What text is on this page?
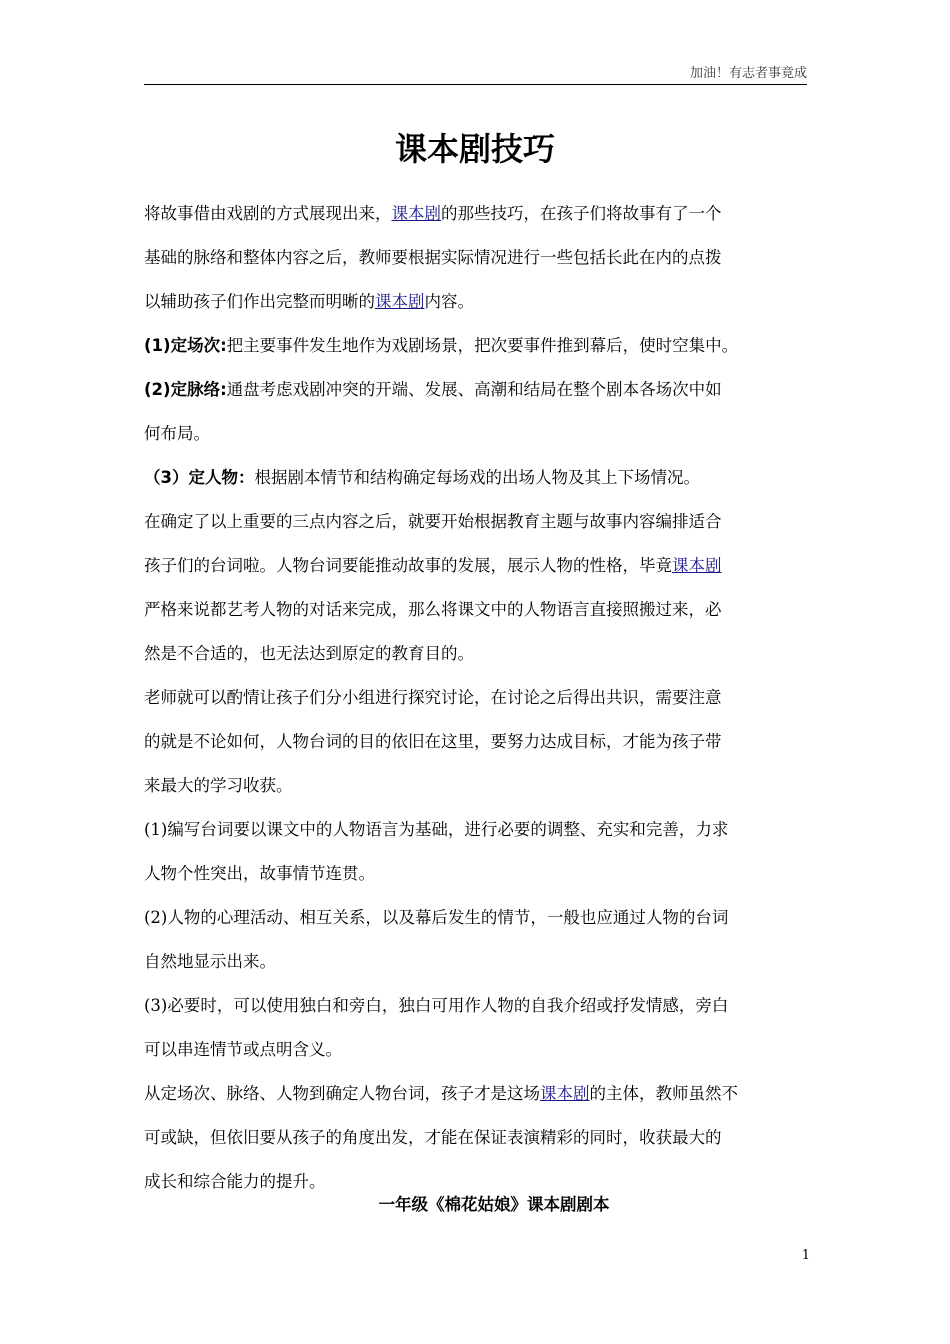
加油！有志者事竟成
课本剧技巧

将故事借由戏剧的方式展现出来，课本剧的那些技巧，在孩子们将故事有了一个

基础的脉络和整体内容之后，教师要根据实际情况进行一些包括长此在内的点拨

以辅助孩子们作出完整而明晰的课本剧内容。

(1)定场次:把主要事件发生地作为戏剧场景，把次要事件推到幕后，使时空集中。

(2)定脉络:通盘考虑戏剧冲突的开端、发展、高潮和结局在整个剧本各场次中如

何布局。

（3）定人物：根据剧本情节和结构确定每场戏的出场人物及其上下场情况。

在确定了以上重要的三点内容之后，就要开始根据教育主题与故事内容编排适合

孩子们的台词啦。人物台词要能推动故事的发展，展示人物的性格，毕竟课本剧

严格来说都艺考人物的对话来完成，那么将课文中的人物语言直接照搬过来，必

然是不合适的，也无法达到原定的教育目的。

老师就可以酌情让孩子们分小组进行探究讨论，在讨论之后得出共识，需要注意

的就是不论如何，人物台词的目的依旧在这里，要努力达成目标，才能为孩子带

来最大的学习收获。

(1)编写台词要以课文中的人物语言为基础，进行必要的调整、充实和完善，力求

人物个性突出，故事情节连贯。

(2)人物的心理活动、相互关系，以及幕后发生的情节，一般也应通过人物的台词

自然地显示出来。

(3)必要时，可以使用独白和旁白，独白可用作人物的自我介绍或抒发情感，旁白

可以串连情节或点明含义。

从定场次、脉络、人物到确定人物台词，孩子才是这场课本剧的主体，教师虽然不

可或缺，但依旧要从孩子的角度出发，才能在保证表演精彩的同时，收获最大的

成长和综合能力的提升。

一年级《棉花姑娘》课本剧剧本
1
